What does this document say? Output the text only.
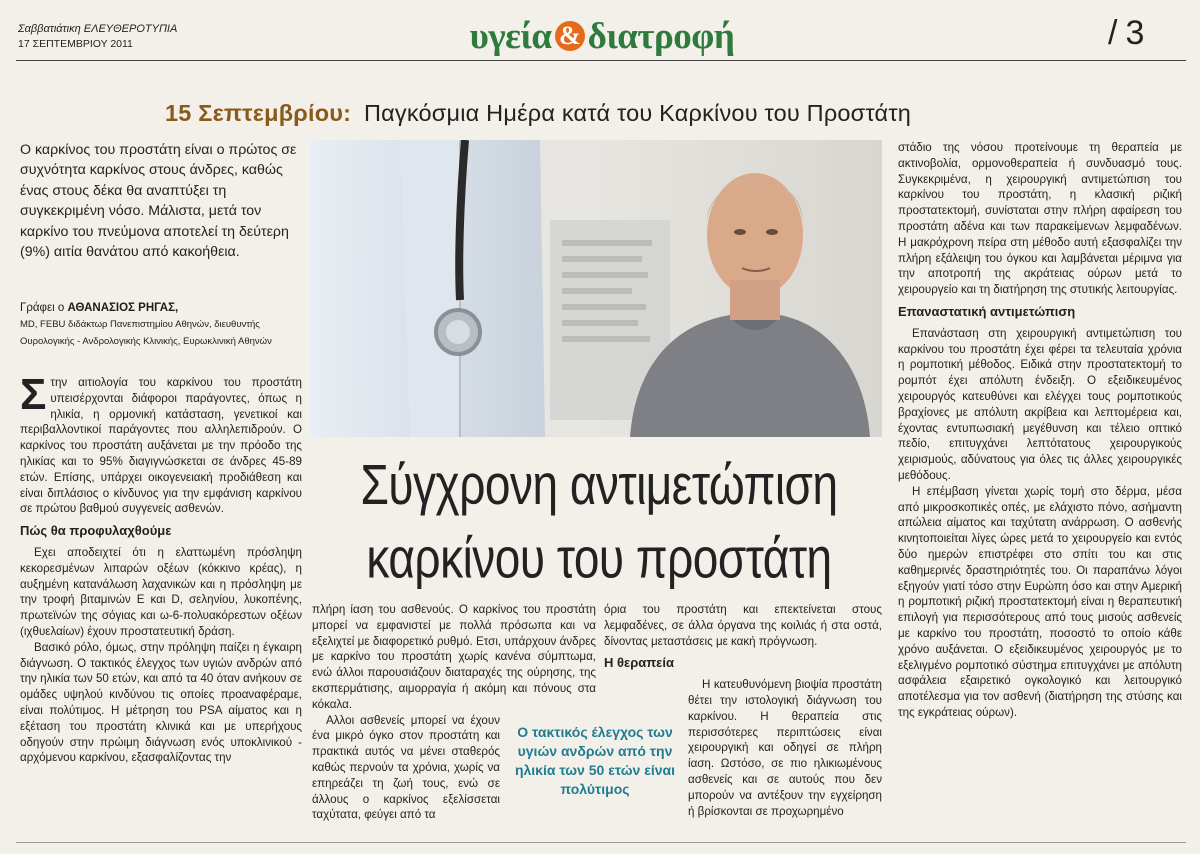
Σαββατιάτικη ΕΛΕΥΘΕΡΟΤΥΠΙΑ
17 ΣΕΠΤΕΜΒΡΙΟΥ 2011	υγεία & διατροφή	/ 3
15 Σεπτεμβρίου: Παγκόσμια Ημέρα κατά του Καρκίνου του Προστάτη

Ο καρκίνος του προστάτη είναι ο πρώτος σε συχνότητα καρκίνος στους άνδρες, καθώς ένας στους δέκα θα αναπτύξει τη συγκεκριμένη νόσο. Μάλιστα, μετά τον καρκίνο του πνεύμονα αποτελεί τη δεύτερη (9%) αιτία θανάτου από κακοήθεια.

Γράφει ο ΑΘΑΝΑΣΙΟΣ ΡΗΓΑΣ,
MD, FEBU διδάκτωρ Πανεπιστημίου Αθηνών, διευθυντής
Ουρολογικής - Ανδρολογικής Κλινικής, Ευρωκλινική Αθηνών
Σύγχρονη αντιμετώπιση
καρκίνου του προστάτη
Σ την αιτιολογία του καρκίνου του προστάτη υπεισέρχονται διάφοροι παράγοντες, όπως η ηλικία, η ορμονική κατάσταση, γενετικοί και περιβαλλοντικοί παράγοντες που αλληλεπιδρούν. Ο καρκίνος του προστάτη αυξάνεται με την πρόοδο της ηλικίας και το 95% διαγιγνώσκεται σε άνδρες 45-89 ετών. Επίσης, υπάρχει οικογενειακή προδιάθεση και είναι διπλάσιος ο κίνδυνος για την εμφάνιση καρκίνου σε πρώτου βαθμού συγγενείς ασθενών.

Πώς θα προφυλαχθούμε

Εχει αποδειχτεί ότι η ελαττωμένη πρόσληψη κεκορεσμένων λιπαρών οξέων (κόκκινο κρέας), η αυξημένη κατανάλωση λαχανικών και η πρόσληψη με την τροφή βιταμινών Ε και D, σεληνίου, λυκοπένης, πρωτεϊνών της σόγιας και ω-6-πολυακόρεστων οξέων (ιχθυελαίων) έχουν προστατευτική δράση.

Βασικό ρόλο, όμως, στην πρόληψη παίζει η έγκαιρη διάγνωση. Ο τακτικός έλεγχος των υγιών ανδρών από την ηλικία των 50 ετών, και από τα 40 όταν ανήκουν σε ομάδες υψηλού κινδύνου τις οποίες προαναφέραμε, είναι πολύτιμος. Η μέτρηση του PSA αίματος και η εξέταση του προστάτη κλινικά και με υπερήχους οδηγούν στην πρώιμη διάγνωση ενός υποκλινικού - αρχόμενου καρκίνου, εξασφαλίζοντας την

πλήρη ίαση του ασθενούς. Ο καρκίνος του προστάτη μπορεί να εμφανιστεί με πολλά πρόσωπα και να εξελιχτεί με διαφορετικό ρυθμό. Ετσι, υπάρχουν άνδρες με καρκίνο του προστάτη χωρίς κανένα σύμπτωμα, ενώ άλλοι παρουσιάζουν διαταραχές της ούρησης, της εκσπερμάτισης, αιμορραγία ή ακόμη και πόνους στα κόκαλα.

Αλλοι ασθενείς μπορεί να έχουν ένα μικρό όγκο στον προστάτη και πρακτικά αυτός να μένει σταθερός καθώς περνούν τα χρόνια, χωρίς να επηρεάζει τη ζωή τους, ενώ σε άλλους ο καρκίνος εξελίσσεται ταχύτατα, φεύγει από τα

όρια του προστάτη και επεκτείνεται στους λεμφαδένες, σε άλλα όργανα της κοιλιάς ή στα οστά, δίνοντας μεταστάσεις με κακή πρόγνωση.

Η θεραπεία

Η κατευθυνόμενη βιοψία προστάτη θέτει την ιστολογική διάγνωση του καρκίνου. Η θεραπεία στις περισσότερες περιπτώσεις είναι χειρουργική και οδηγεί σε πλήρη ίαση. Ωστόσο, σε πιο ηλικιωμένους ασθενείς και σε αυτούς που δεν μπορούν να αντέξουν την εγχείρηση ή βρίσκονται σε προχωρημένο

Ο τακτικός έλεγχος των υγιών ανδρών από την ηλικία των 50 ετών είναι πολύτιμος

στάδιο της νόσου προτείνουμε τη θεραπεία με ακτινοβολία, ορμονοθεραπεία ή συνδυασμό τους. Συγκεκριμένα, η χειρουργική αντιμετώπιση του καρκίνου του προστάτη, η κλασική ριζική προστατεκτομή, συνίσταται στην πλήρη αφαίρεση του προστάτη αδένα και των παρακείμενων λεμφαδένων. Η μακρόχρονη πείρα στη μέθοδο αυτή εξασφαλίζει την πλήρη εξάλειψη του όγκου και λαμβάνεται μέριμνα για την αποτροπή της ακράτειας ούρων μετά το χειρουργείο και τη διατήρηση της στυτικής λειτουργίας.

Επαναστατική αντιμετώπιση

Επανάσταση στη χειρουργική αντιμετώπιση του καρκίνου του προστάτη έχει φέρει τα τελευταία χρόνια η ρομποτική μέθοδος. Ειδικά στην προστατεκτομή το ρομπότ έχει απόλυτη ένδειξη. Ο εξειδικευμένος χειρουργός κατευθύνει και ελέγχει τους ρομποτικούς βραχίονες με απόλυτη ακρίβεια και λεπτομέρεια και, έχοντας εντυπωσιακή μεγέθυνση και τέλειο οπτικό πεδίο, επιτυγχάνει λεπτότατους χειρουργικούς χειρισμούς, αδύνατους για όλες τις άλλες χειρουργικές μεθόδους.

Η επέμβαση γίνεται χωρίς τομή στο δέρμα, μέσα από μικροσκοπικές οπές, με ελάχιστο πόνο, ασήμαντη απώλεια αίματος και ταχύτατη ανάρρωση. Ο ασθενής κινητοποιείται λίγες ώρες μετά το χειρουργείο και εντός δύο ημερών επιστρέφει στο σπίτι του και στις καθημερινές δραστηριότητές του. Οι παραπάνω λόγοι εξηγούν γιατί τόσο στην Ευρώπη όσο και στην Αμερική η ρομποτική ριζική προστατεκτομή είναι η θεραπευτική επιλογή για περισσότερους από τους μισούς ασθενείς με καρκίνο του προστάτη, ποσοστό το οποίο κάθε χρόνο αυξάνεται. Ο εξειδικευμένος χειρουργός με το εξελιγμένο ρομποτικό σύστημα επιτυγχάνει με απόλυτη ασφάλεια εξαιρετικό ογκολογικό και λειτουργικό αποτέλεσμα για τον ασθενή (διατήρηση της στύσης και της εγκράτειας ούρων).
